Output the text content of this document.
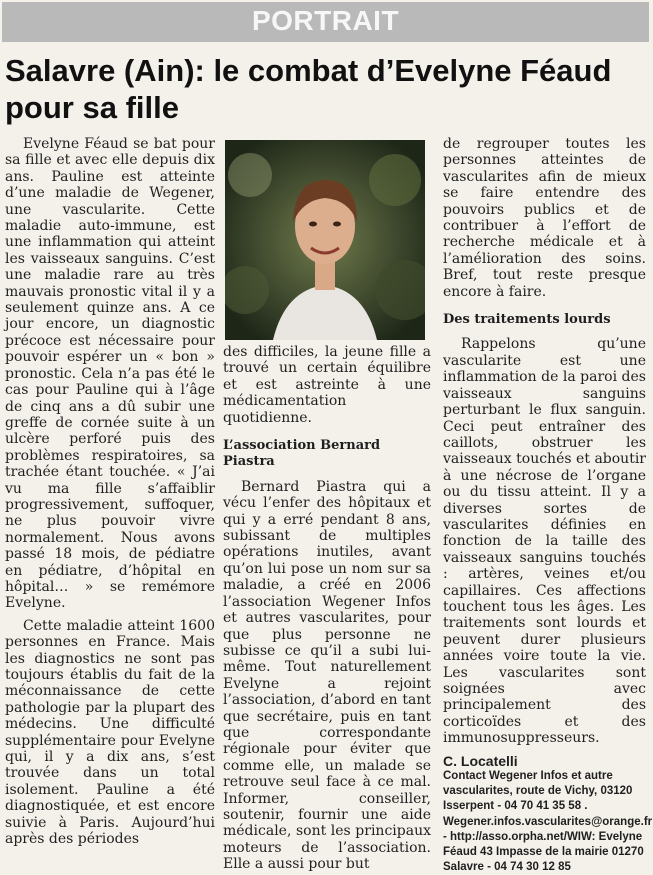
PORTRAIT
Salavre (Ain): le combat d’Evelyne Féaud pour sa fille

Evelyne Féaud se bat pour sa fille et avec elle depuis dix ans. Pauline est atteinte d’une maladie de Wegener, une vascularite. Cette maladie auto-immune, est une inflammation qui atteint les vaisseaux sanguins. C’est une maladie rare au très mauvais pronostic vital il y a seulement quinze ans. A ce jour encore, un diagnostic précoce est nécessaire pour pouvoir espérer un « bon » pronostic. Cela n’a pas été le cas pour Pauline qui à l’âge de cinq ans a dû subir une greffe de cornée suite à un ulcère perforé puis des problèmes respiratoires, sa trachée étant touchée. « J’ai vu ma fille s’affaiblir progressivement, suffoquer, ne plus pouvoir vivre normalement. Nous avons passé 18 mois, de pédiatre en pédiatre, d’hôpital en hôpital… » se remémore Evelyne.

Cette maladie atteint 1600 personnes en France. Mais les diagnostics ne sont pas toujours établis du fait de la méconnaissance de cette pathologie par la plupart des médecins. Une difficulté supplémentaire pour Evelyne qui, il y a dix ans, s’est trouvée dans un total isolement. Pauline a été diagnostiquée, et est encore suivie à Paris. Aujourd’hui après des périodes

des difficiles, la jeune fille a trouvé un certain équilibre et est astreinte à une médicamentation quotidienne.

L’association Bernard Piastra

Bernard Piastra qui a vécu l’enfer des hôpitaux et qui y a erré pendant 8 ans, subissant de multiples opérations inutiles, avant qu’on lui pose un nom sur sa maladie, a créé en 2006 l’association Wegener Infos et autres vascularites, pour que plus personne ne subisse ce qu’il a subi lui-même. Tout naturellement Evelyne a rejoint l’association, d’abord en tant que secrétaire, puis en tant que correspondante régionale pour éviter que comme elle, un malade se retrouve seul face à ce mal. Informer, conseiller, soutenir, fournir une aide médicale, sont les principaux moteurs de l’association. Elle a aussi pour but

de regrouper toutes les personnes atteintes de vascularites afin de mieux se faire entendre des pouvoirs publics et de contribuer à l’effort de recherche médicale et à l’amélioration des soins. Bref, tout reste presque encore à faire.

Des traitements lourds

Rappelons qu’une vascularite est une inflammation de la paroi des vaisseaux sanguins perturbant le flux sanguin. Ceci peut entraîner des caillots, obstruer les vaisseaux touchés et aboutir à une nécrose de l’organe ou du tissu atteint. Il y a diverses sortes de vascularites définies en fonction de la taille des vaisseaux sanguins touchés : artères, veines et/ou capillaires. Ces affections touchent tous les âges. Les traitements sont lourds et peuvent durer plusieurs années voire toute la vie. Les vascularites sont soignées avec principalement des corticoïdes et des immunosuppresseurs.

C. Locatelli

Contact Wegener Infos et autre vascularites, route de Vichy, 03120 Isserpent - 04 70 41 35 58 . Wegener.infos.vascularites@orange.fr - http://asso.orpha.net/WIW: Evelyne Féaud 43 Impasse de la mairie 01270 Salavre - 04 74 30 12 85
